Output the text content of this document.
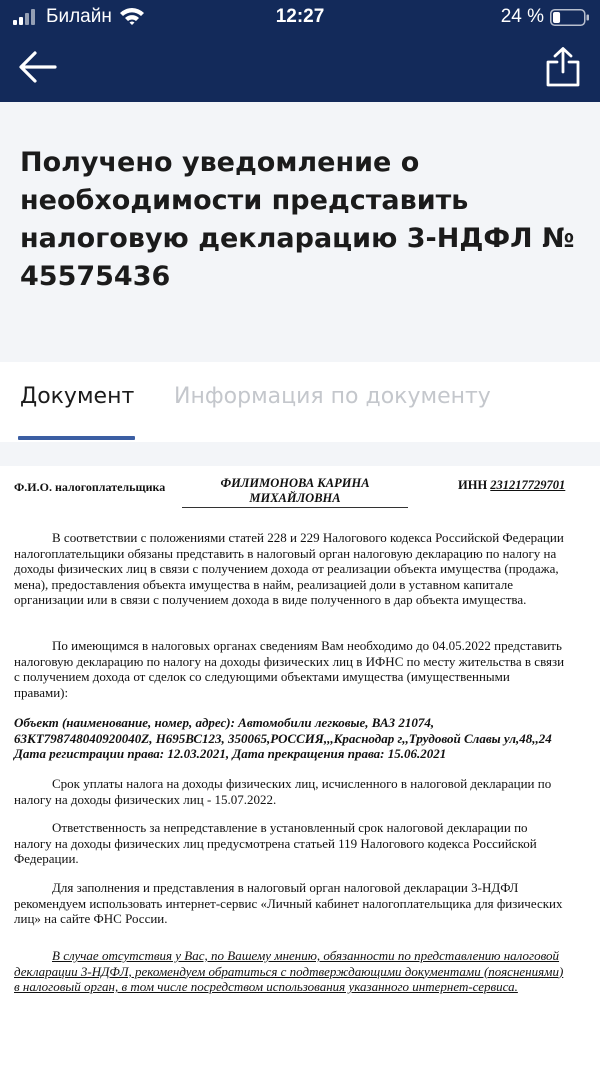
Билайн	12:27	24 %
Получено уведомление о необходимости представить налоговую декларацию 3-НДФЛ № 45575436
Документ Информация по документу
Ф.И.О. налогоплательщика	ФИЛИМОНОВА КАРИНА
МИХАЙЛОВНА
ИНН 231217729701

В соответствии с положениями статей 228 и 229 Налогового кодекса Российской Федерации налогоплательщики обязаны представить в налоговый орган налоговую декларацию по налогу на доходы физических лиц в связи с получением дохода от реализации объекта имущества (продажа, мена), предоставления объекта имущества в найм, реализацией доли в уставном капитале организации или в связи с получением дохода в виде полученного в дар объекта имущества.

По имеющимся в налоговых органах сведениям Вам необходимо до 04.05.2022 представить налоговую декларацию по налогу на доходы физических лиц в ИФНС по месту жительства в связи с получением дохода от сделок со следующими объектами имущества (имущественными правами):

Объект (наименование, номер, адрес): Автомобили легковые, ВАЗ 21074,
63КТ798748040920040Z, Н695ВС123, 350065,РОССИЯ,,,Краснодар г,,Трудовой Славы ул,48,,24
Дата регистрации права: 12.03.2021, Дата прекращения права: 15.06.2021

Срок уплаты налога на доходы физических лиц, исчисленного в налоговой декларации по налогу на доходы физических лиц - 15.07.2022.

Ответственность за непредставление в установленный срок налоговой декларации по налогу на доходы физических лиц предусмотрена статьей 119 Налогового кодекса Российской Федерации.

Для заполнения и представления в налоговый орган налоговой декларации 3-НДФЛ рекомендуем использовать интернет-сервис «Личный кабинет налогоплательщика для физических лиц» на сайте ФНС России.

В случае отсутствия у Вас, по Вашему мнению, обязанности по представлению налоговой декларации 3-НДФЛ, рекомендуем обратиться с подтверждающими документами (пояснениями) в налоговый орган, в том числе посредством использования указанного интернет-сервиса.
